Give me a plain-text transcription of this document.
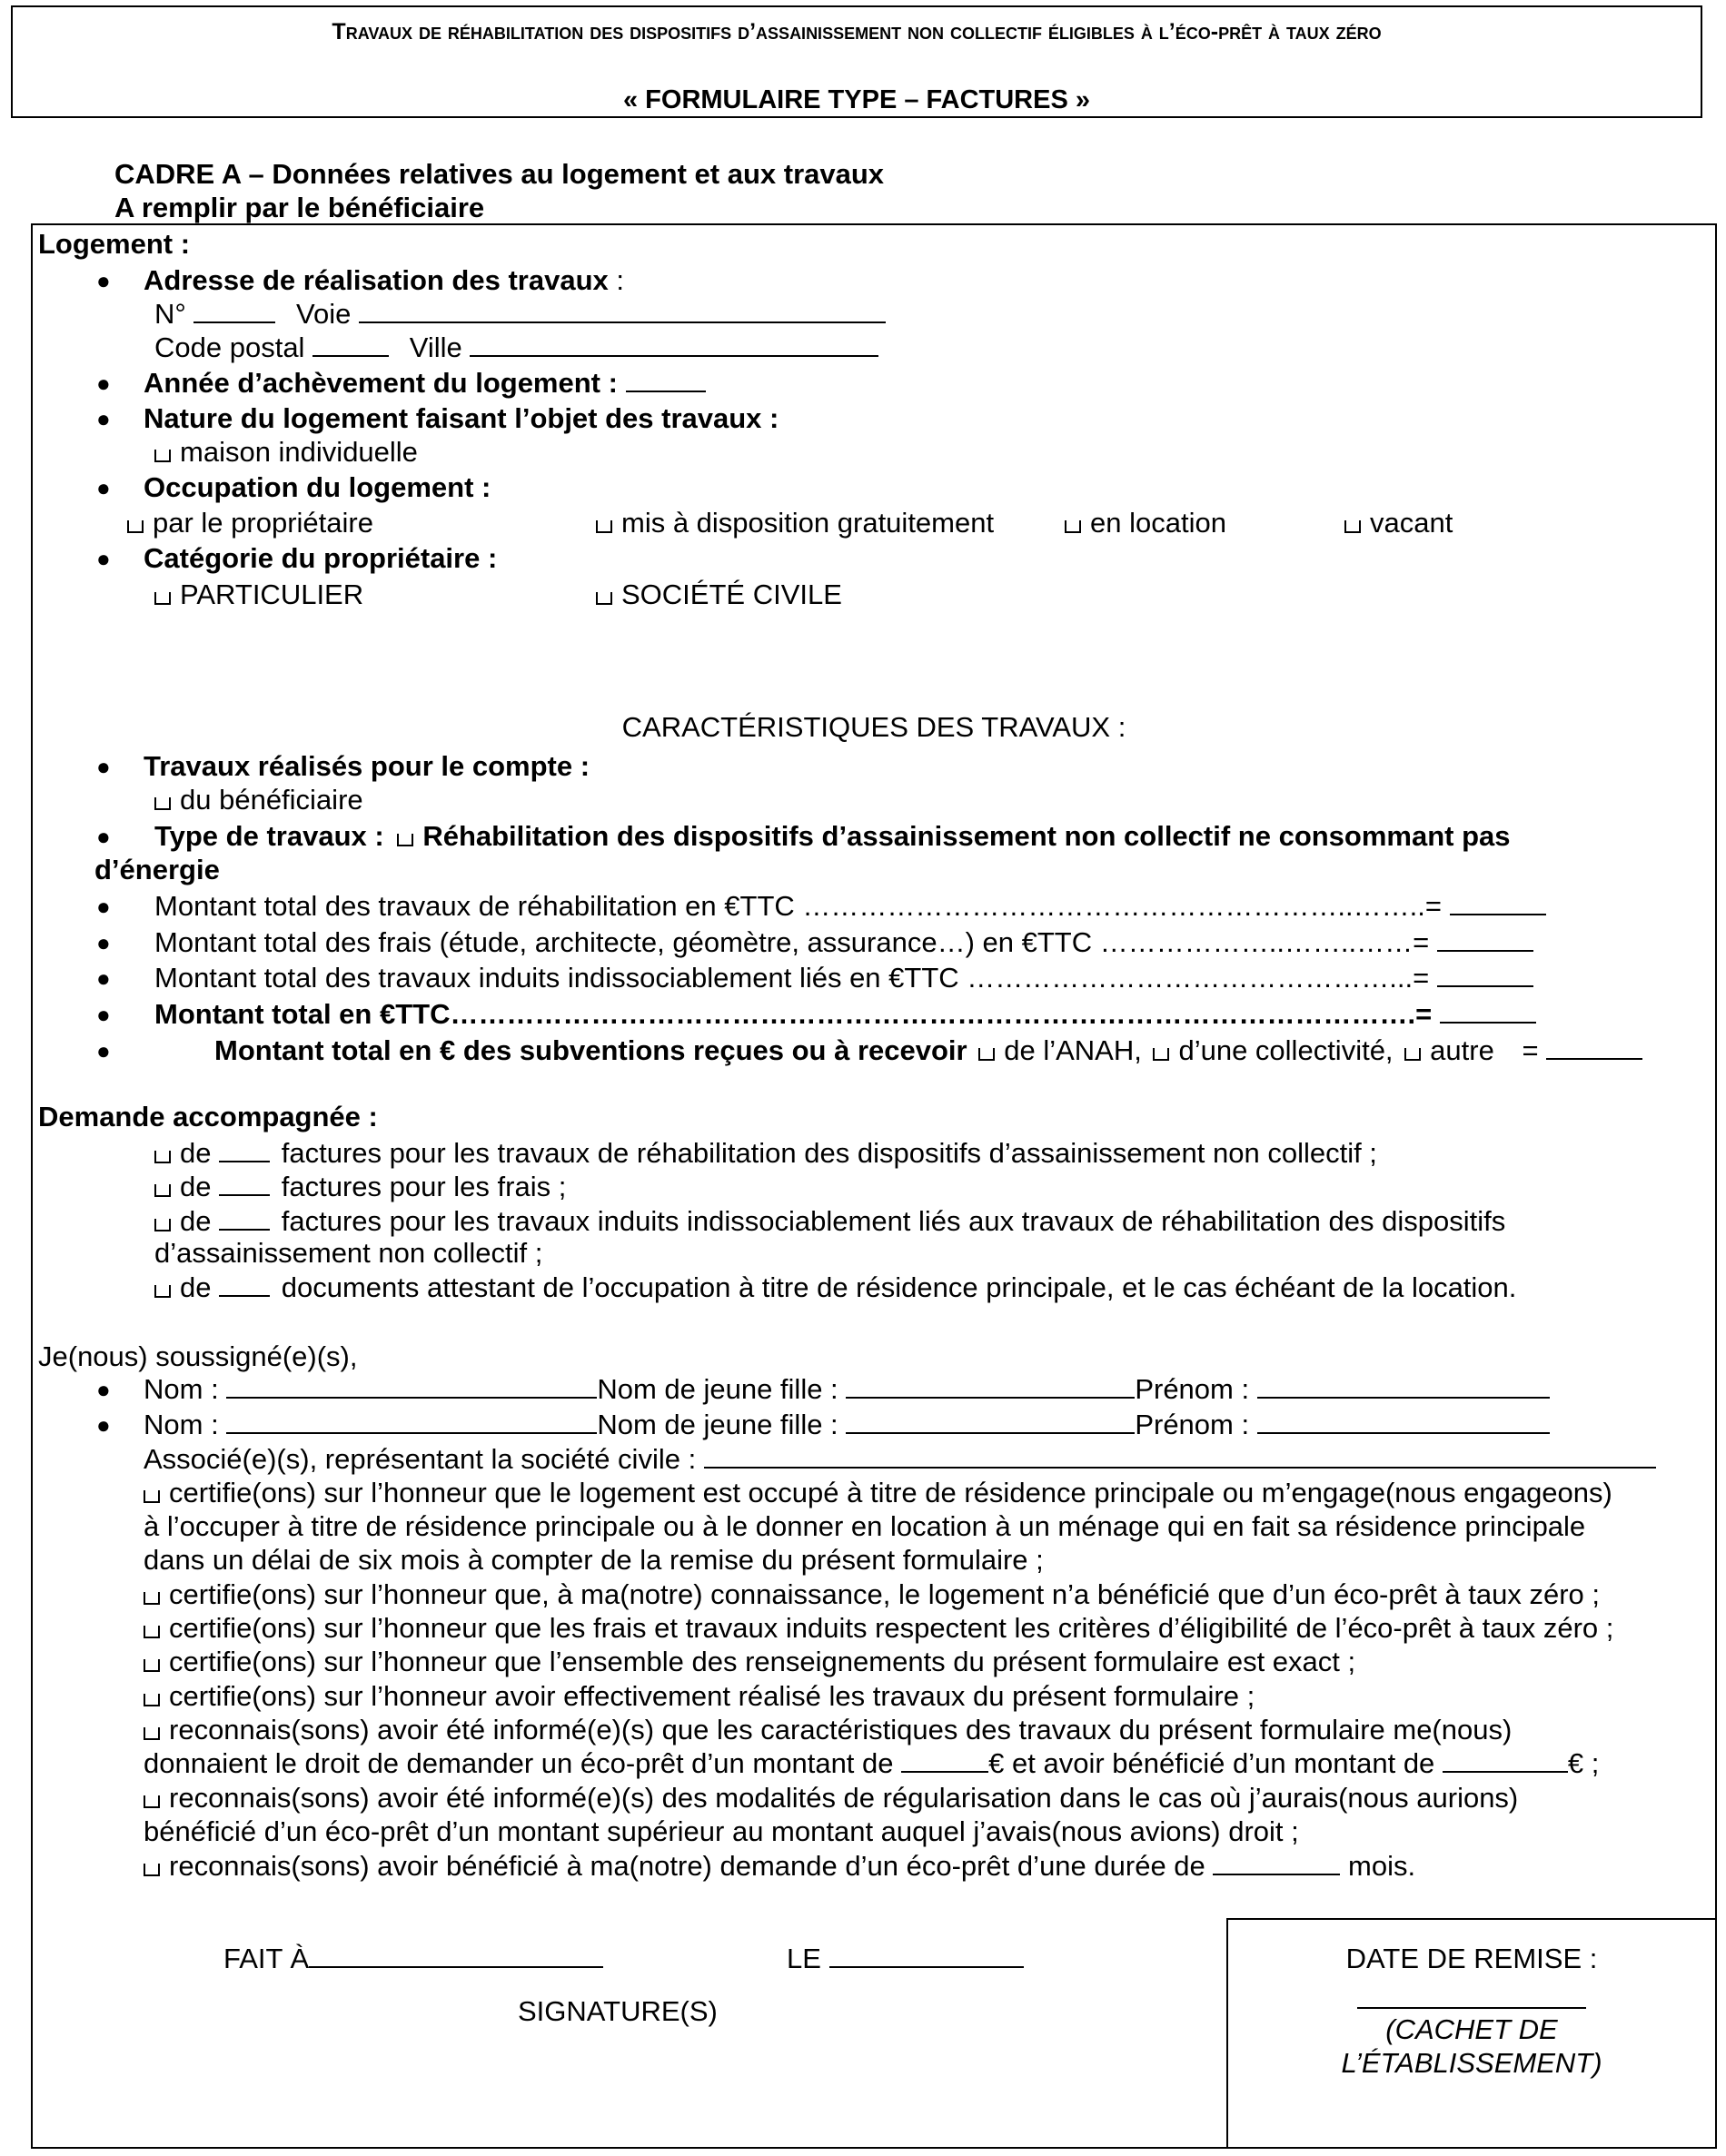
Travaux de réhabilitation des dispositifs d’assainissement non collectif éligibles à l’éco-prêt à taux zéro
« FORMULAIRE TYPE – FACTURES »
CADRE A – Données relatives au logement et aux travaux
A remplir par le bénéficiaire
Logement :
● Adresse de réalisation des travaux :
N°	Voie
Code postal	Ville
● Année d’achèvement du logement :
● Nature du logement faisant l’objet des travaux :
maison individuelle
● Occupation du logement :
par le propriétaire	mis à disposition gratuitement	en location	vacant
● Catégorie du propriétaire :
PARTICULIER	SOCIÉTÉ CIVILE
CARACTÉRISTIQUES DES TRAVAUX :
● Travaux réalisés pour le compte :
du bénéficiaire
● Type de travaux : Réhabilitation des dispositifs d’assainissement non collectif ne consommant pas
d’énergie
● Montant total des travaux de réhabilitation en €TTC …………………………………………………..……..=
● Montant total des frais (étude, architecte, géomètre, assurance…) en €TTC ………………..……..……=
● Montant total des travaux induits indissociablement liés en €TTC ………………………………………...=
● Montant total en €TTC………………………………………………………………………………………….=
●	Montant total en € des subventions reçues ou à recevoir de l’ANAH, d’une collectivité, autre =
Demande accompagnée :
de factures pour les travaux de réhabilitation des dispositifs d’assainissement non collectif ;
de factures pour les frais ;
de factures pour les travaux induits indissociablement liés aux travaux de réhabilitation des dispositifs
d’assainissement non collectif ;
de documents attestant de l’occupation à titre de résidence principale, et le cas échéant de la location.
Je(nous) soussigné(e)(s),
● Nom :	Nom de jeune fille :	Prénom :
● Nom :	Nom de jeune fille :	Prénom :
Associé(e)(s), représentant la société civile :
certifie(ons) sur l’honneur que le logement est occupé à titre de résidence principale ou m’engage(nous engageons)
à l’occuper à titre de résidence principale ou à le donner en location à un ménage qui en fait sa résidence principale
dans un délai de six mois à compter de la remise du présent formulaire ;
certifie(ons) sur l’honneur que, à ma(notre) connaissance, le logement n’a bénéficié que d’un éco-prêt à taux zéro ;
certifie(ons) sur l’honneur que les frais et travaux induits respectent les critères d’éligibilité de l’éco-prêt à taux zéro ;
certifie(ons) sur l’honneur que l’ensemble des renseignements du présent formulaire est exact ;
certifie(ons) sur l’honneur avoir effectivement réalisé les travaux du présent formulaire ;
reconnais(sons) avoir été informé(e)(s) que les caractéristiques des travaux du présent formulaire me(nous)
donnaient le droit de demander un éco-prêt d’un montant de	€ et avoir bénéficié d’un montant de	€ ;
reconnais(sons) avoir été informé(e)(s) des modalités de régularisation dans le cas où j’aurais(nous aurions)
bénéficié d’un éco-prêt d’un montant supérieur au montant auquel j’avais(nous avions) droit ;
reconnais(sons) avoir bénéficié à ma(notre) demande d’un éco-prêt d’une durée de	mois.
FAIT À	LE
SIGNATURE(S)
DATE DE REMISE :
(CACHET DE
L’ÉTABLISSEMENT)
